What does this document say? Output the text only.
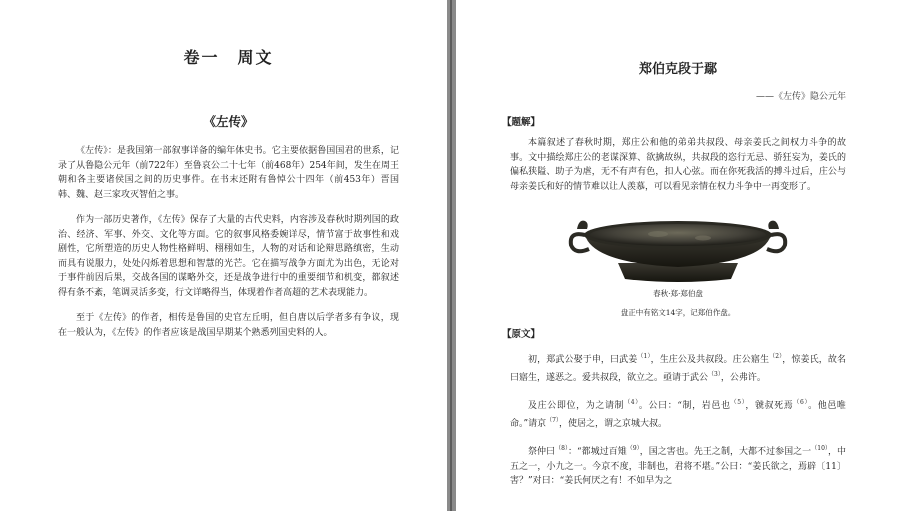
卷一　周文
《左传》

《左传》：是我国第一部叙事详备的编年体史书。它主要依据鲁国国君的世系，记录了从鲁隐公元年（前722年）至鲁哀公二十七年（前468年）254年间，发生在周王朝和各主要诸侯国之间的历史事件。在书末还附有鲁悼公十四年（前453年）晋国韩、魏、赵三家攻灭智伯之事。

作为一部历史著作，《左传》保存了大量的古代史料，内容涉及春秋时期列国的政治、经济、军事、外交、文化等方面。它的叙事风格委婉详尽，情节富于故事性和戏剧性，它所塑造的历史人物性格鲜明、栩栩如生，人物的对话和论辩思路缜密，生动而具有说服力，处处闪烁着思想和智慧的光芒。它在描写战争方面尤为出色，无论对于事件前因后果，交战各国的谋略外交，还是战争进行中的重要细节和机变，都叙述得有条不紊，笔调灵活多变，行文详略得当，体现着作者高超的艺术表现能力。

至于《左传》的作者，相传是鲁国的史官左丘明，但自唐以后学者多有争议，现在一般认为，《左传》的作者应该是战国早期某个熟悉列国史料的人。

郑伯克段于鄢
——《左传》隐公元年
【题解】

本篇叙述了春秋时期，郑庄公和他的弟弟共叔段、母亲姜氏之间权力斗争的故事。文中描绘郑庄公的老谋深算、欲擒故纵，共叔段的恣行无忌、骄狂妄为，姜氏的偏私狭隘、助子为虐，无不有声有色，扣人心弦。而在你死我活的搏斗过后，庄公与母亲姜氏和好的情节难以让人羡慕，可以看见亲情在权力斗争中一再变形了。

春秋·郑·郑伯盘
盘正中有铭文14字，记郑伯作盘。
【原文】

初，郑武公娶于申，曰武姜$^{(1)}$，生庄公及共叔段。庄公寤生$^{(2)}$，惊姜氏，故名曰寤生，遂恶之。爱共叔段，欲立之。亟请于武公$^{(3)}$，公弗许。

及庄公即位，为之请制$^{(4)}$。公曰：“制，岩邑也$^{(5)}$，虢叔死焉$^{(6)}$。他邑唯命。”请京$^{(7)}$，使居之，谓之京城大叔。

祭仲曰$^{(8)}$：“都城过百雉$^{(9)}$，国之害也。先王之制，大都不过参国之一$^{(10)}$，中五之一，小九之一。今京不度，非制也，君将不堪。”公曰：“姜氏欲之，焉辟〔11〕害？”对曰：“姜氏何厌之有！不如早为之
